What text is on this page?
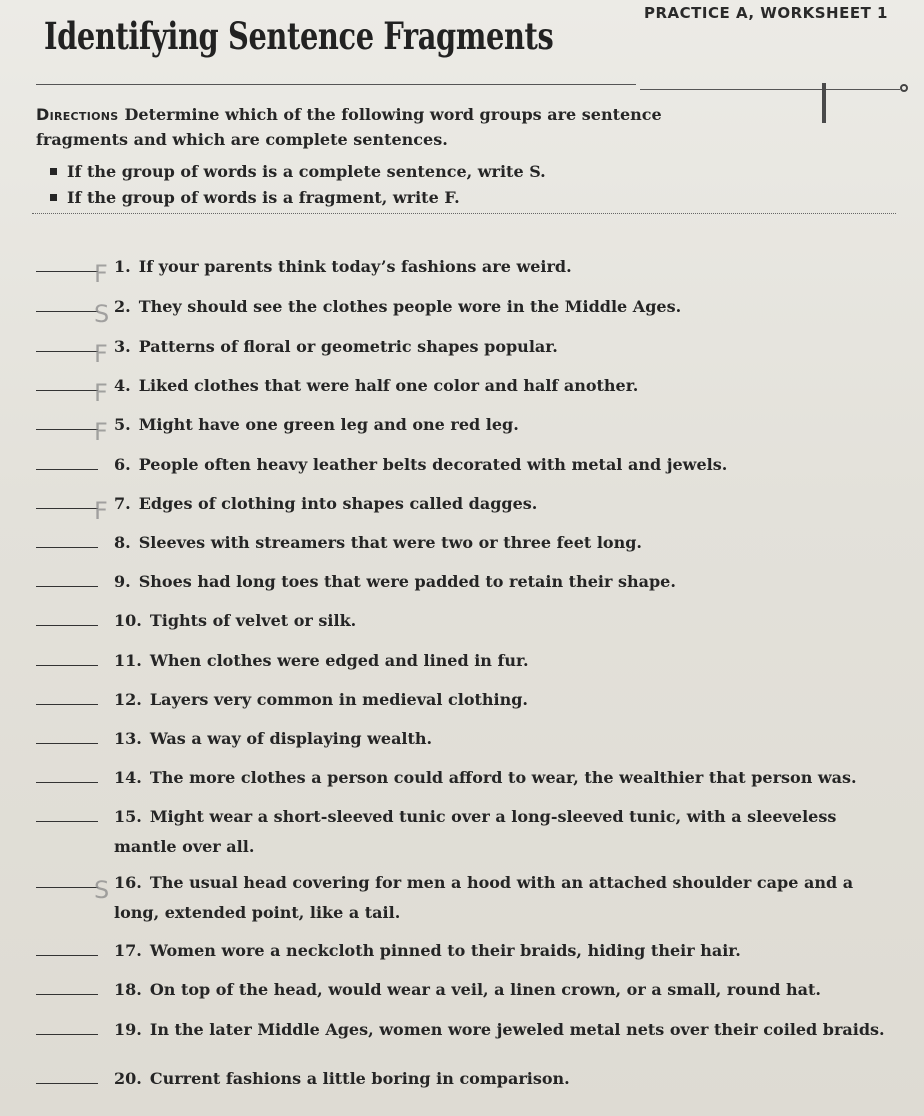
PRACTICE A, WORKSHEET 1
Identifying Sentence Fragments
Directions Determine which of the following word groups are sentence fragments and which are complete sentences.
If the group of words is a complete sentence, write S.
If the group of words is a fragment, write F.
F 1. If your parents think today’s fashions are weird.
S 2. They should see the clothes people wore in the Middle Ages.
F 3. Patterns of floral or geometric shapes popular.
F 4. Liked clothes that were half one color and half another.
F 5. Might have one green leg and one red leg.
6. People often heavy leather belts decorated with metal and jewels.
F 7. Edges of clothing into shapes called dagges.
8. Sleeves with streamers that were two or three feet long.
9. Shoes had long toes that were padded to retain their shape.
10. Tights of velvet or silk.
11. When clothes were edged and lined in fur.
12. Layers very common in medieval clothing.
13. Was a way of displaying wealth.
14. The more clothes a person could afford to wear, the wealthier that person was.
15. Might wear a short-sleeved tunic over a long-sleeved tunic, with a sleeveless mantle over all.
S 16. The usual head covering for men a hood with an attached shoulder cape and a long, extended point, like a tail.
17. Women wore a neckcloth pinned to their braids, hiding their hair.
18. On top of the head, would wear a veil, a linen crown, or a small, round hat.
19. In the later Middle Ages, women wore jeweled metal nets over their coiled braids.
20. Current fashions a little boring in comparison.
